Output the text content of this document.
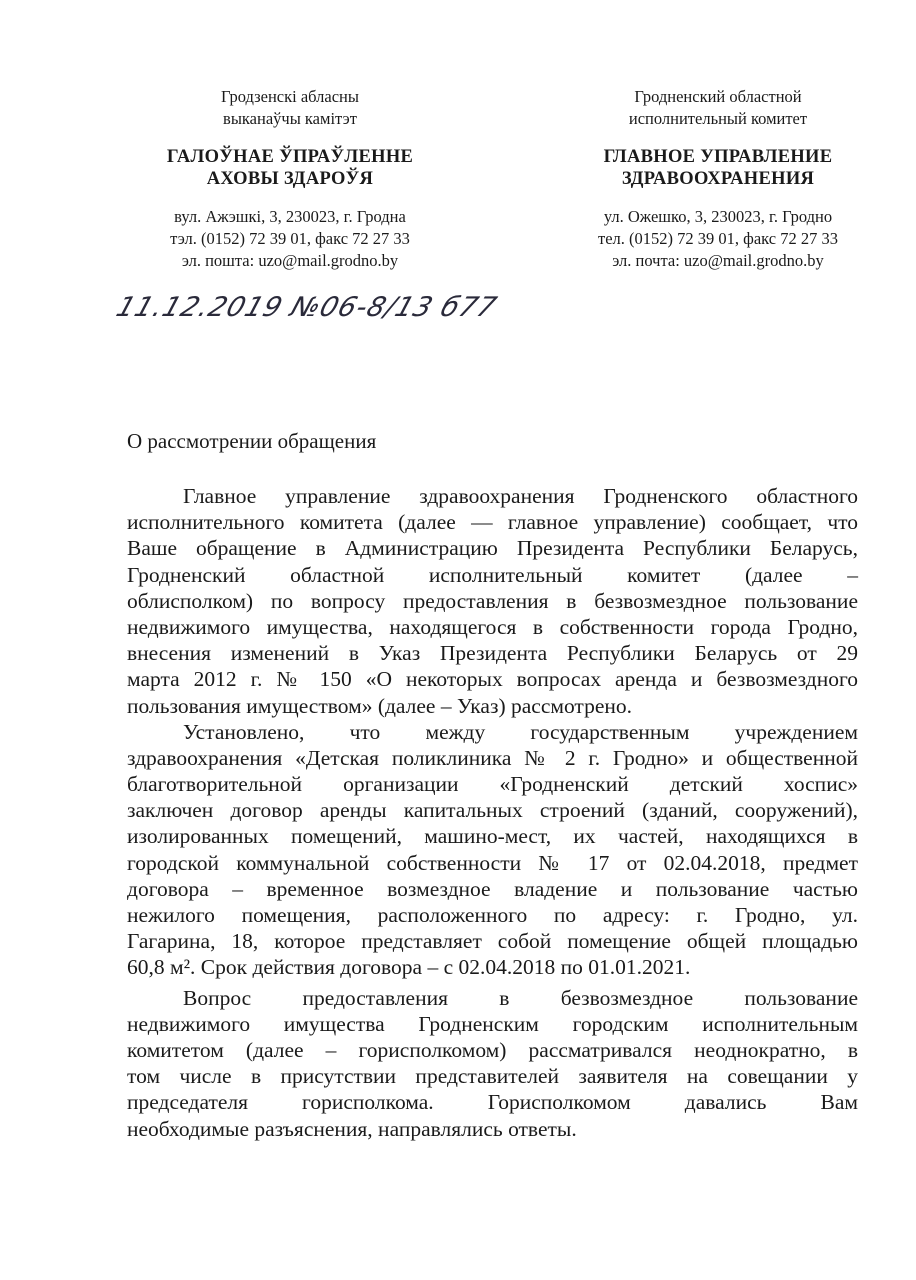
Гродзенскі абласны
выканаўчы камітэт
ГАЛОЎНАЕ ЎПРАЎЛЕННЕ
АХОВЫ ЗДАРОЎЯ
вул. Ажэшкі, 3, 230023, г. Гродна
тэл. (0152) 72 39 01, факс 72 27 33
эл. пошта: uzo@mail.grodno.by
Гродненский областной
исполнительный комитет
ГЛАВНОЕ УПРАВЛЕНИЕ
ЗДРАВООХРАНЕНИЯ
ул. Ожешко, 3, 230023, г. Гродно
тел. (0152) 72 39 01, факс 72 27 33
эл. почта: uzo@mail.grodno.by
11.12.2019 №06-8/13 б77
О рассмотрении обращения
Главное управление здравоохранения Гродненского областного
исполнительного комитета (далее — главное управление) сообщает, что
Ваше обращение в Администрацию Президента Республики Беларусь,
Гродненский областной исполнительный комитет (далее –
облисполком) по вопросу предоставления в безвозмездное пользование
недвижимого имущества, находящегося в собственности города Гродно,
внесения изменений в Указ Президента Республики Беларусь от 29
марта 2012 г. № 150 «О некоторых вопросах аренда и безвозмездного
пользования имуществом» (далее – Указ) рассмотрено.
Установлено, что между государственным учреждением
здравоохранения «Детская поликлиника № 2 г. Гродно» и общественной
благотворительной организации «Гродненский детский хоспис»
заключен договор аренды капитальных строений (зданий, сооружений),
изолированных помещений, машино-мест, их частей, находящихся в
городской коммунальной собственности № 17 от 02.04.2018, предмет
договора – временное возмездное владение и пользование частью
нежилого помещения, расположенного по адресу: г. Гродно, ул.
Гагарина, 18, которое представляет собой помещение общей площадью
60,8 м². Срок действия договора – с 02.04.2018 по 01.01.2021.
Вопрос предоставления в безвозмездное пользование
недвижимого имущества Гродненским городским исполнительным
комитетом (далее – горисполкомом) рассматривался неоднократно, в
том числе в присутствии представителей заявителя на совещании у
председателя горисполкома. Горисполкомом давались Вам
необходимые разъяснения, направлялись ответы.
